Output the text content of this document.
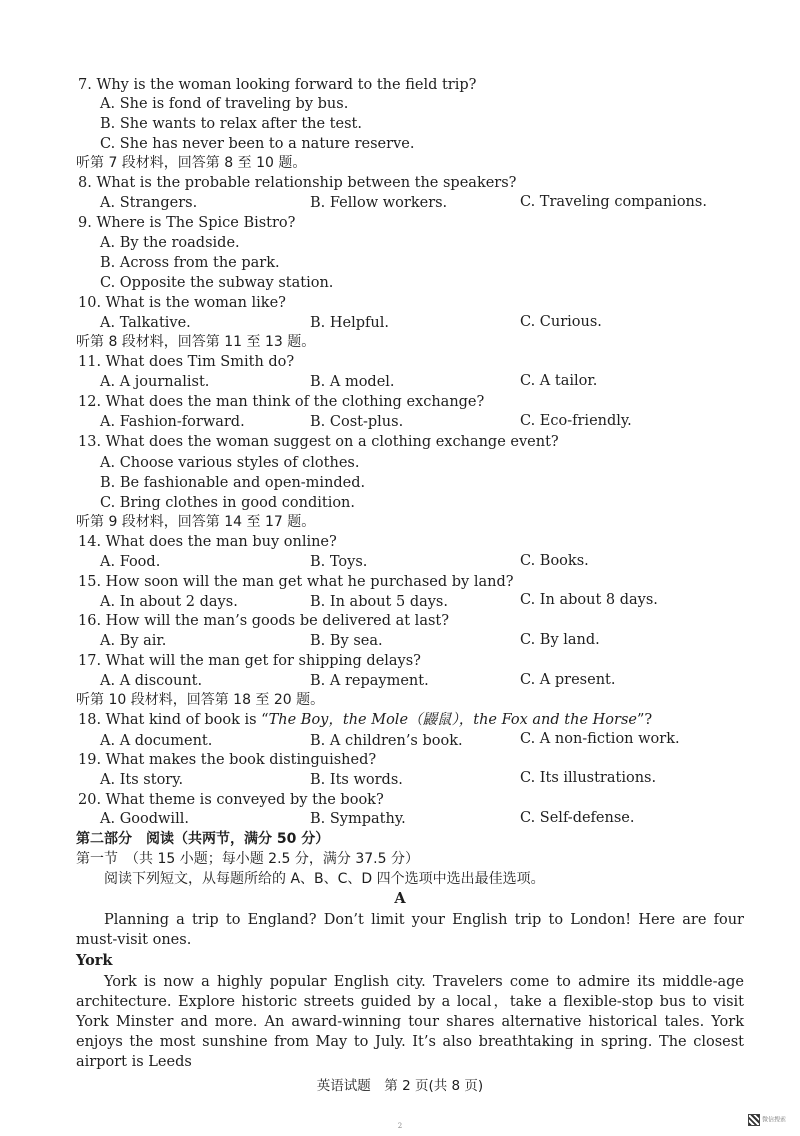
7. Why is the woman looking forward to the field trip?
A. She is fond of traveling by bus.
B. She wants to relax after the test.
C. She has never been to a nature reserve.
听第 7 段材料，回答第 8 至 10 题。
8. What is the probable relationship between the speakers?
A. Strangers.	B. Fellow workers.	C. Traveling companions.
9. Where is The Spice Bistro?
A. By the roadside.
B. Across from the park.
C. Opposite the subway station.
10. What is the woman like?
A. Talkative.	B. Helpful.	C. Curious.
听第 8 段材料，回答第 11 至 13 题。
11. What does Tim Smith do?
A. A journalist.	B. A model.	C. A tailor.
12. What does the man think of the clothing exchange?
A. Fashion-forward.	B. Cost-plus.	C. Eco-friendly.
13. What does the woman suggest on a clothing exchange event?
A. Choose various styles of clothes.
B. Be fashionable and open-minded.
C. Bring clothes in good condition.
听第 9 段材料，回答第 14 至 17 题。
14. What does the man buy online?
A. Food.	B. Toys.	C. Books.
15. How soon will the man get what he purchased by land?
A. In about 2 days.	B. In about 5 days.	C. In about 8 days.
16. How will the man’s goods be delivered at last?
A. By air.	B. By sea.	C. By land.
17. What will the man get for shipping delays?
A. A discount.	B. A repayment.	C. A present.
听第 10 段材料，回答第 18 至 20 题。
18. What kind of book is “The Boy，the Mole（鼹鼠），the Fox and the Horse”?
A. A document.	B. A children’s book.	C. A non-fiction work.
19. What makes the book distinguished?
A. Its story.	B. Its words.	C. Its illustrations.
20. What theme is conveyed by the book?
A. Goodwill.	B. Sympathy.	C. Self-defense.
第二部分　阅读（共两节，满分 50 分）
第一节　（共 15 小题；每小题 2.5 分，满分 37.5 分）
阅读下列短文，从每题所给的 A、B、C、D 四个选项中选出最佳选项。
A
Planning a trip to England? Don’t limit your English trip to London! Here are four must-visit ones.
York
York is now a highly popular English city. Travelers come to admire its middle-age architecture. Explore historic streets guided by a local，take a flexible-stop bus to visit York Minster and more. An award-winning tour shares alternative historical tales. York enjoys the most sunshine from May to July. It’s also breathtaking in spring. The closest airport is Leeds
英语试题　第 2 页(共 8 页)
2
微信搜索
